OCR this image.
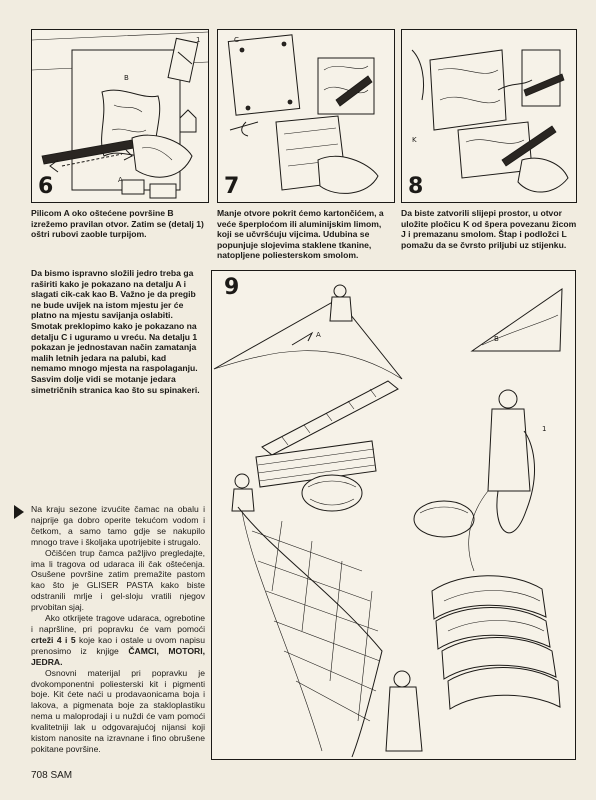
1
B
A
6
C
7
K
8

Pilicom A oko oštećene površine B izrežemo pravilan otvor. Zatim se (detalj 1) oštri rubovi zaoble turpijom.

Manje otvore pokrit ćemo kartončićem, a veće šperploćom ili aluminijskim limom, koji se učvršćuju vijcima. Udubina se popunjuje slojevima staklene tkanine, natopljene poliesterskom smolom.

Da biste zatvorili slijepi prostor, u otvor uložite pločicu K od špera povezanu žicom J i premazanu smolom. Štap i podložci L pomažu da se čvrsto priljubi uz stijenku.

Da bismo ispravno složili jedro treba ga raširiti kako je pokazano na detalju A i slagati cik-cak kao B. Važno je da pregib ne bude uvijek na istom mjestu jer će platno na mjestu savijanja oslabiti. Smotak preklopimo kako je pokazano na detalju C i uguramo u vreću. Na detalju 1 pokazan je jednostavan način zamatanja malih letnih jedara na palubi, kad nemamo mnogo mjesta na raspolaganju. Sasvim dolje vidi se motanje jedara simetričnih stranica kao što su spinakeri.

A	B
1
9

Na kraju sezone izvućite čamac na obalu i najprije ga dobro operite tekućom vodom i četkom, a samo tamo gdje se nakupilo mnogo trave i školjaka upotrijebite i strugalo.

Očišćen trup čamca pažljivo pregledajte, ima li tragova od udaraca ili čak oštećenja. Osušene površine zatim premažite pastom kao što je GLISER PASTA kako biste odstranili mrlje i gel-sloju vratili njegov prvobitan sjaj.

Ako otkrijete tragove udaraca, ogrebotine i napršline, pri popravku će vam pomoći crteži 4 i 5 koje kao i ostale u ovom napisu prenosimo iz knjige ČAMCI, MOTORI, JEDRA.

Osnovni materijal pri popravku je dvokomponentni poliesterski kit i pigmenti boje. Kit ćete naći u prodavaonicama boja i lakova, a pigmenata boje za stakloplastiku nema u maloprodaji i u nuždi će vam pomoći kvalitetniji lak u odgovarajućoj nijansi koji kistom nanosite na izravnane i fino obrušene pokitane površine.

708 SAM
